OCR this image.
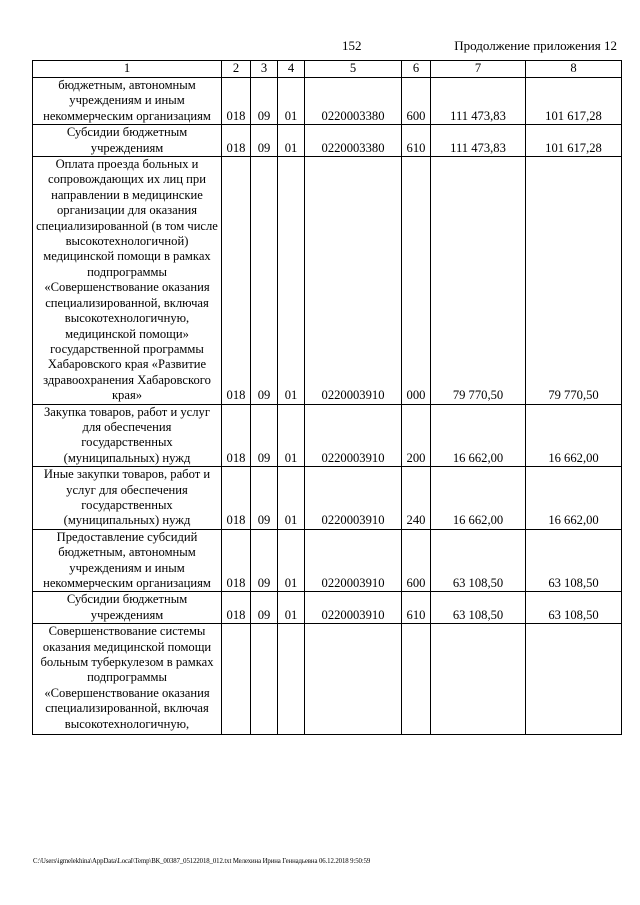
152	Продолжение приложения 12
1	2	3	4	5	6	7	8
бюджетным, автономным учреждениям и иным некоммерческим организациям	018	09	01	0220003380	600	111 473,83	101 617,28
Субсидии бюджетным учреждениям	018	09	01	0220003380	610	111 473,83	101 617,28
Оплата проезда больных и сопровождающих их лиц при направлении в медицинские организации для оказания специализированной (в том числе высокотехнологичной) медицинской помощи в рамках подпрограммы «Совершенствование оказания специализированной, включая высокотехнологичную, медицинской помощи» государственной программы Хабаровского края «Развитие здравоохранения Хабаровского края»	018	09	01	0220003910	000	79 770,50	79 770,50
Закупка товаров, работ и услуг для обеспечения государственных (муниципальных) нужд	018	09	01	0220003910	200	16 662,00	16 662,00
Иные закупки товаров, работ и услуг для обеспечения государственных (муниципальных) нужд	018	09	01	0220003910	240	16 662,00	16 662,00
Предоставление субсидий бюджетным, автономным учреждениям и иным некоммерческим организациям	018	09	01	0220003910	600	63 108,50	63 108,50
Субсидии бюджетным учреждениям	018	09	01	0220003910	610	63 108,50	63 108,50
Совершенствование системы оказания медицинской помощи больным туберкулезом в рамках подпрограммы «Совершенствование оказания специализированной, включая высокотехнологичную,							
C:\Users\igmelekhina\AppData\Local\Temp\ВК_00387_05122018_012.txt Мелехина Ирина Геннадьевна 06.12.2018 9:50:59
